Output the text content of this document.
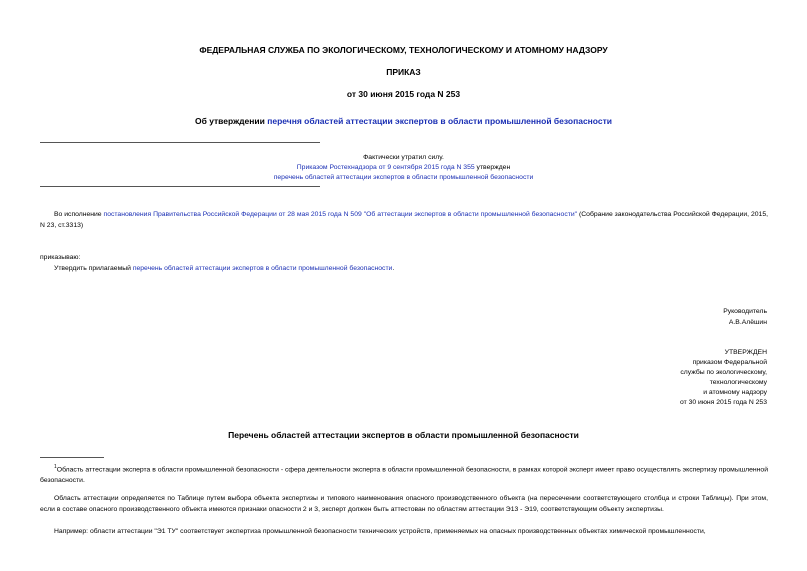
ФЕДЕРАЛЬНАЯ СЛУЖБА ПО ЭКОЛОГИЧЕСКОМУ, ТЕХНОЛОГИЧЕСКОМУ И АТОМНОМУ НАДЗОРУ
ПРИКАЗ
от 30 июня 2015 года N 253
Об утверждении перечня областей аттестации экспертов в области промышленной безопасности
Фактически утратил силу.
Приказом Ростехнадзора от 9 сентября 2015 года N 355 утвержден
перечень областей аттестации экспертов в области промышленной безопасности
Во исполнение постановления Правительства Российской Федерации от 28 мая 2015 года N 509 "Об аттестации экспертов в области промышленной безопасности" (Собрание законодательства Российской Федерации, 2015, N 23, ст.3313)
приказываю:
Утвердить прилагаемый перечень областей аттестации экспертов в области промышленной безопасности.
Руководитель
А.В.Алёшин
УТВЕРЖДЕН
приказом Федеральной
службы по экологическому,
технологическому
и атомному надзору
от 30 июня 2015 года N 253
Перечень областей аттестации экспертов в области промышленной безопасности
$^1$Область аттестации эксперта в области промышленной безопасности - сфера деятельности эксперта в области промышленной безопасности, в рамках которой эксперт имеет право осуществлять экспертизу промышленной безопасности.
Область аттестации определяется по Таблице путем выбора объекта экспертизы и типового наименования опасного производственного объекта (на пересечении соответствующего столбца и строки Таблицы). При этом, если в составе опасного производственного объекта имеются признаки опасности 2 и 3, эксперт должен быть аттестован по областям аттестации Э13 - Э19, соответствующим объекту экспертизы.
Например: области аттестации "Э1 ТУ" соответствует экспертиза промышленной безопасности технических устройств, применяемых на опасных производственных объектах химической промышленности,
